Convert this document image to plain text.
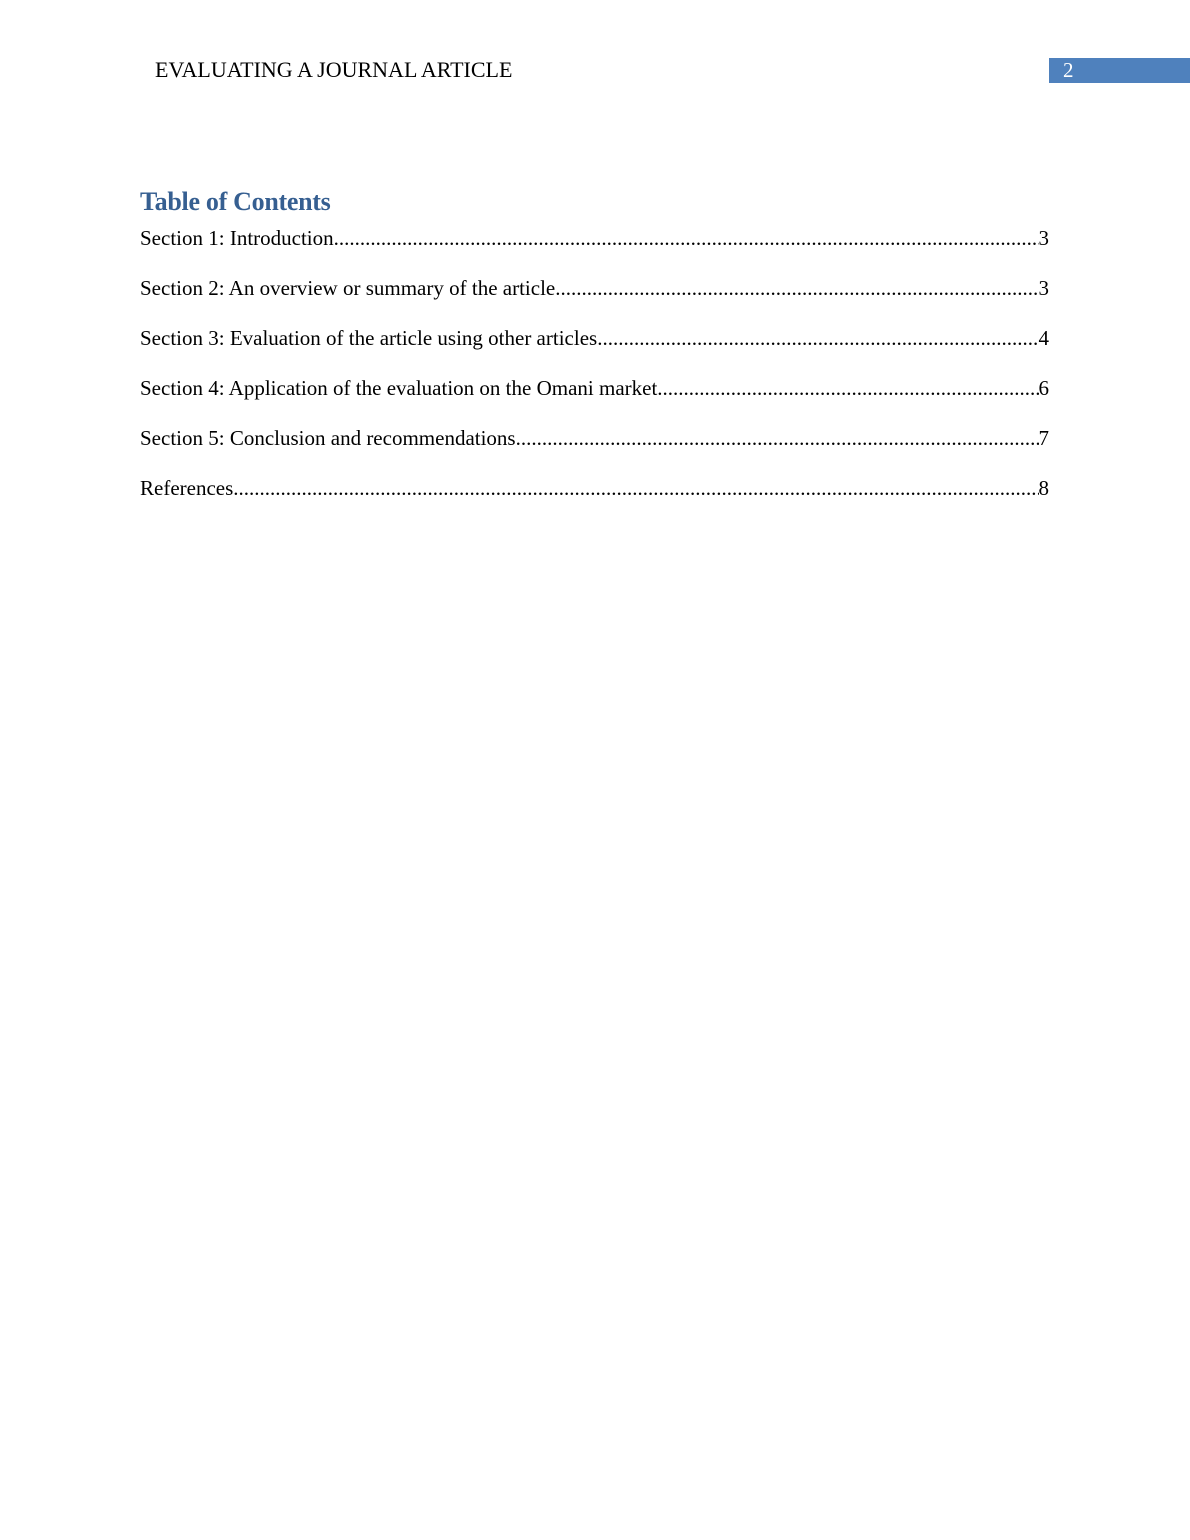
EVALUATING A JOURNAL ARTICLE	2
Table of Contents
Section 1: Introduction .....	3
Section 2: An overview or summary of the article .....	3
Section 3: Evaluation of the article using other articles .....	4
Section 4: Application of the evaluation on the Omani market .....	6
Section 5: Conclusion and recommendations .....	7
References .....	8
